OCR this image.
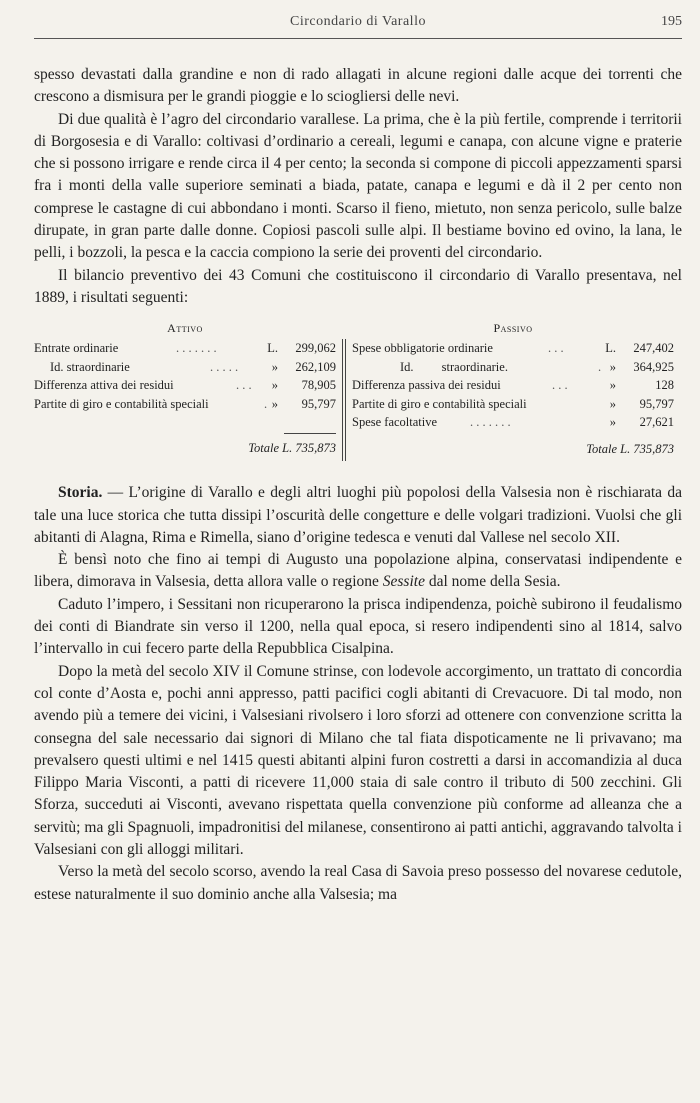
Circondario di Varallo	195

spesso devastati dalla grandine e non di rado allagati in alcune regioni dalle acque dei torrenti che crescono a dismisura per le grandi pioggie e lo sciogliersi delle nevi.

Di due qualità è l’agro del circondario varallese. La prima, che è la più fertile, comprende i territorii di Borgosesia e di Varallo: coltivasi d’ordinario a cereali, legumi e canapa, con alcune vigne e praterie che si possono irrigare e rende circa il 4 per cento; la seconda si compone di piccoli appezzamenti sparsi fra i monti della valle superiore seminati a biada, patate, canapa e legumi e dà il 2 per cento non comprese le castagne di cui abbondano i monti. Scarso il fieno, mietuto, non senza pericolo, sulle balze dirupate, in gran parte dalle donne. Copiosi pascoli sulle alpi. Il bestiame bovino ed ovino, la lana, le pelli, i bozzoli, la pesca e la caccia compiono la serie dei proventi del circondario.

Il bilancio preventivo dei 43 Comuni che costituiscono il circondario di Varallo presentava, nel 1889, i risultati seguenti:

Attivo
Entrate ordinarie	. . . . . . .	L. 299,062
Id. straordinarie	. . . . .	» 262,109
Differenza attiva dei residui	. . . » 78,905
Partite di giro e contabilità speciali	. » 95,797
Totale L. 735,873
Passivo
Spese obbligatorie ordinarie	. . .	L. 247,402
Id.         straordinarie.	. » 364,925
Differenza passiva dei residui	. . .	»	128
Partite di giro e contabilità speciali	» 95,797
Spese facoltative	. . . . . . .	» 27,621
Totale L. 735,873

Storia. — L’origine di Varallo e degli altri luoghi più popolosi della Valsesia non è rischiarata da tale una luce storica che tutta dissipi l’oscurità delle congetture e delle volgari tradizioni. Vuolsi che gli abitanti di Alagna, Rima e Rimella, siano d’origine tedesca e venuti dal Vallese nel secolo XII.

È bensì noto che fino ai tempi di Augusto una popolazione alpina, conservatasi indipendente e libera, dimorava in Valsesia, detta allora valle o regione Sessite dal nome della Sesia.

Caduto l’impero, i Sessitani non ricuperarono la prisca indipendenza, poichè subirono il feudalismo dei conti di Biandrate sin verso il 1200, nella qual epoca, si resero indipendenti sino al 1814, salvo l’intervallo in cui fecero parte della Repubblica Cisalpina.

Dopo la metà del secolo XIV il Comune strinse, con lodevole accorgimento, un trattato di concordia col conte d’Aosta e, pochi anni appresso, patti pacifici cogli abitanti di Crevacuore. Di tal modo, non avendo più a temere dei vicini, i Valsesiani rivolsero i loro sforzi ad ottenere con convenzione scritta la consegna del sale necessario dai signori di Milano che tal fiata dispoticamente ne li privavano; ma prevalsero questi ultimi e nel 1415 questi abitanti alpini furon costretti a darsi in accomandizia al duca Filippo Maria Visconti, a patti di ricevere 11,000 staia di sale contro il tributo di 500 zecchini. Gli Sforza, succeduti ai Visconti, avevano rispettata quella convenzione più conforme ad alleanza che a servitù; ma gli Spagnuoli, impadronitisi del milanese, consentirono ai patti antichi, aggravando talvolta i Valsesiani con gli alloggi militari.

Verso la metà del secolo scorso, avendo la real Casa di Savoia preso possesso del novarese cedutole, estese naturalmente il suo dominio anche alla Valsesia; ma
